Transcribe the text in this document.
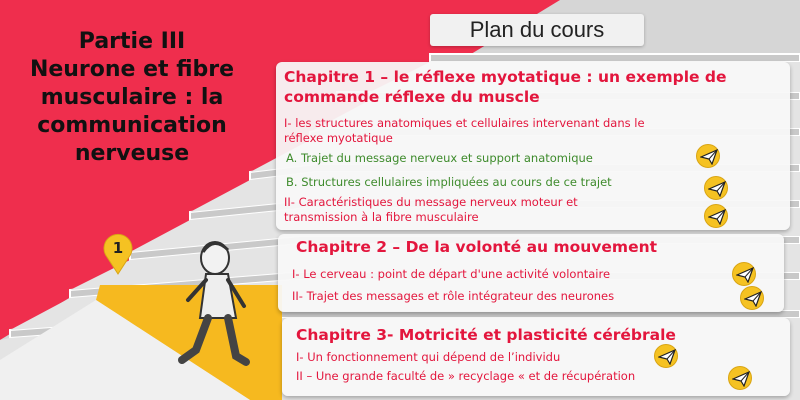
Partie III
Neurone et fibre
musculaire : la
communication
nerveuse
1
Plan du cours
Chapitre 1 – le réflexe myotatique : un exemple de
commande réflexe du muscle
I- les structures anatomiques et cellulaires intervenant dans le
réflexe myotatique
A. Trajet du message nerveux et support anatomique
B. Structures cellulaires impliquées au cours de ce trajet
II- Caractéristiques du message nerveux moteur et
transmission à la fibre musculaire
Chapitre 2 – De la volonté au mouvement
I- Le cerveau : point de départ d'une activité volontaire
II- Trajet des messages et rôle intégrateur des neurones
Chapitre 3- Motricité et plasticité cérébrale
I- Un fonctionnement qui dépend de l’individu
II – Une grande faculté de » recyclage « et de récupération
